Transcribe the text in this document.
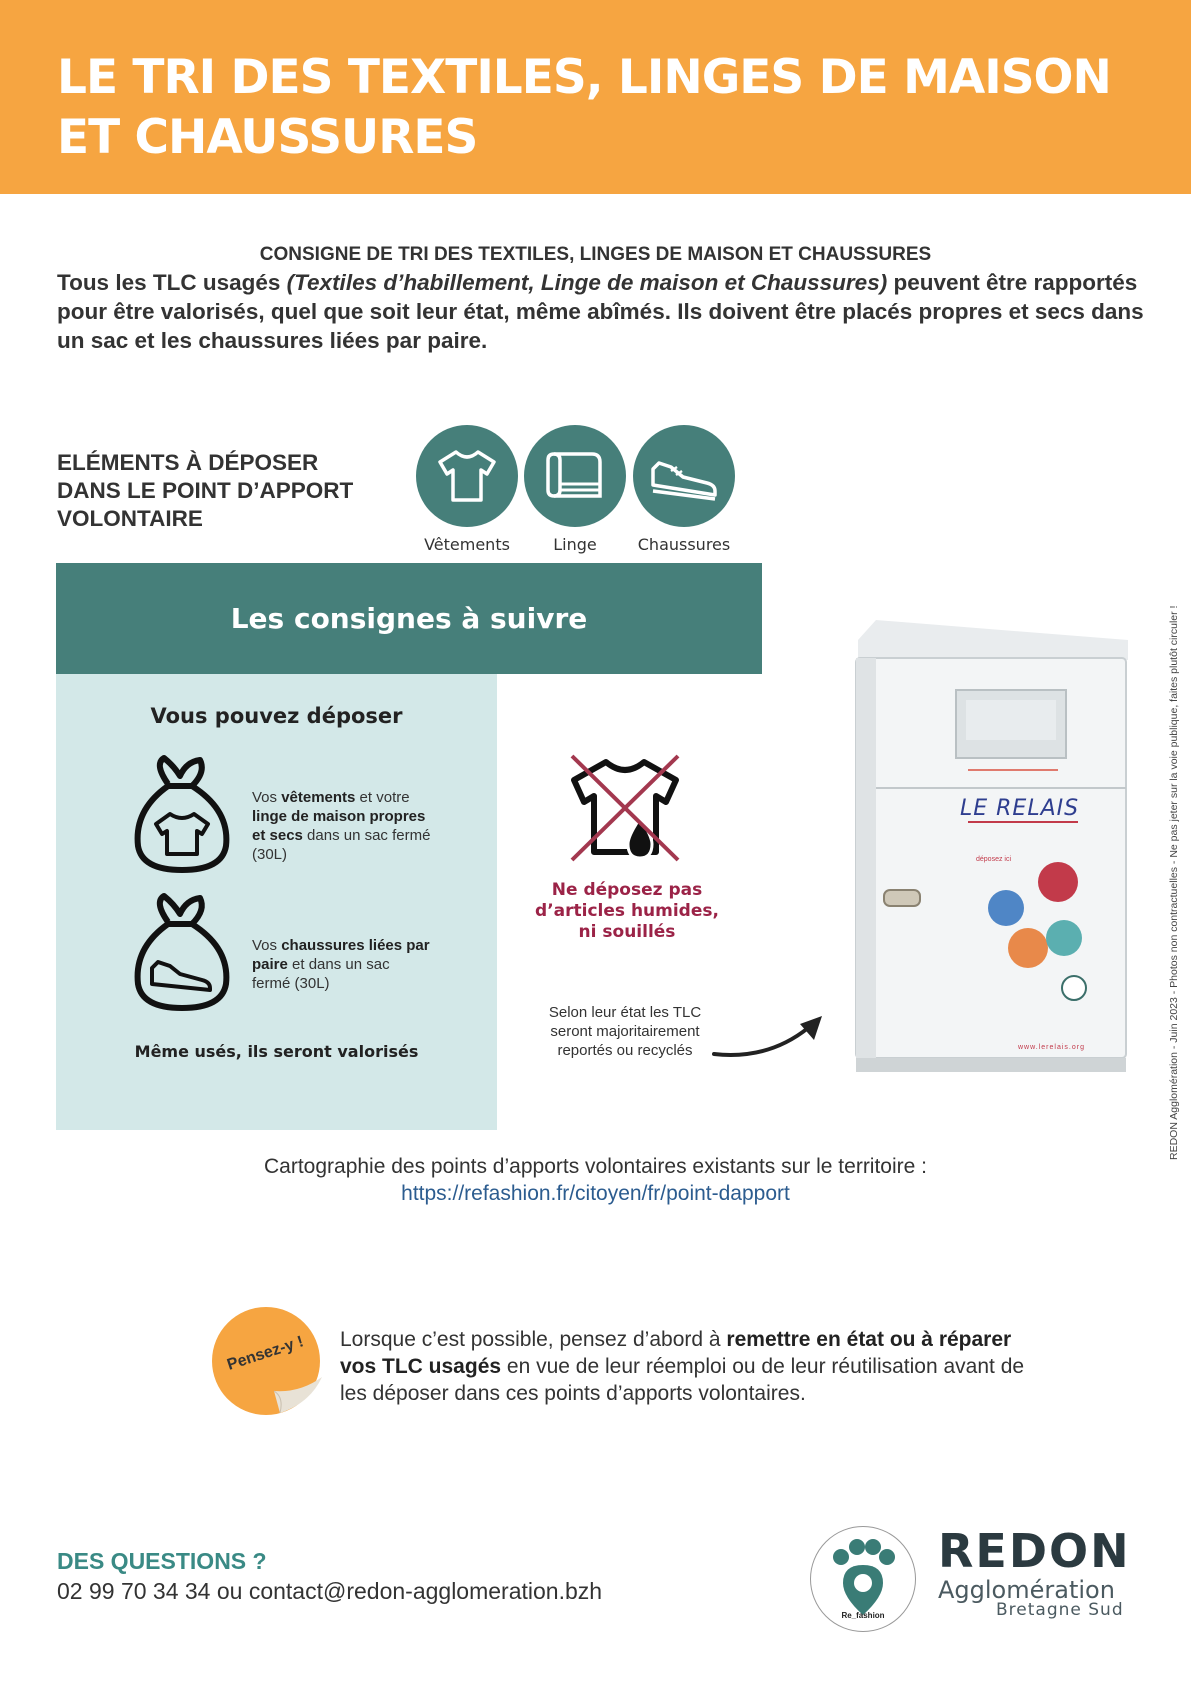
LE TRI DES TEXTILES, LINGES DE MAISON
ET CHAUSSURES
CONSIGNE DE TRI DES TEXTILES, LINGES DE MAISON ET CHAUSSURES

Tous les TLC usagés (Textiles d’habillement, Linge de maison et Chaussures) peuvent être rapportés pour être valorisés, quel que soit leur état, même abîmés. Ils doivent être placés propres et secs dans un sac et les chaussures liées par paire.

ELÉMENTS À DÉPOSER
DANS LE POINT D’APPORT
VOLONTAIRE

Vêtements	Linge	Chaussures
Les consignes à suivre
Vous pouvez déposer
Vos vêtements et votre linge de maison propres et secs dans un sac fermé (30L)
Vos chaussures liées par paire et dans un sac fermé (30L)
Même usés, ils seront valorisés
Ne déposez pas
d’articles humides,
ni souillés
Selon leur état les TLC
seront majoritairement
reportés ou recyclés
LE RELAIS
déposez ici
www.lerelais.org	REDON Agglomération - Juin 2023 - Photos non contractuelles - Ne pas jeter sur la voie publique, faites plutôt circuler !
Cartographie des points d’apports volontaires existants sur le territoire :
https://refashion.fr/citoyen/fr/point-dapport
Pensez-y ! Lorsque c’est possible, pensez d’abord à remettre en état ou à réparer vos TLC usagés en vue de leur réemploi ou de leur réutilisation avant de les déposer dans ces points d’apports volontaires.

DES QUESTIONS ?
02 99 70 34 34 ou contact@redon-agglomeration.bzh
Re_fashion
REDON
Agglomération
Bretagne Sud
